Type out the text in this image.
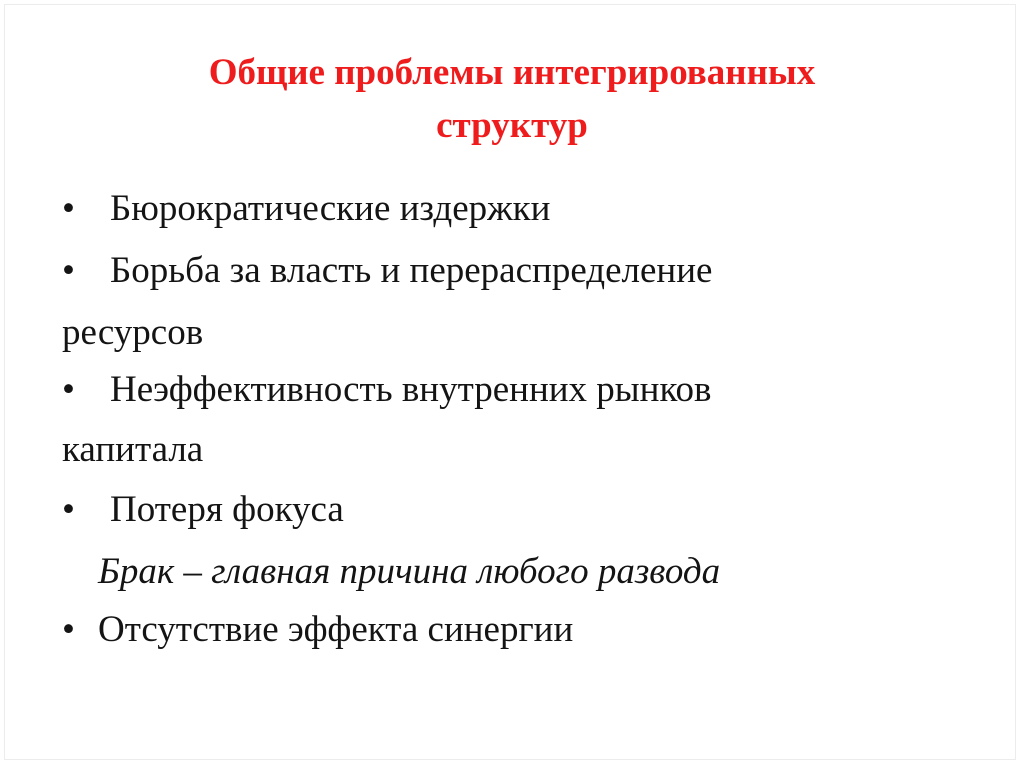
Общие проблемы интегрированных
структур
• Бюрократические издержки
• Борьба за власть и перераспределение
ресурсов
• Неэффективность внутренних рынков
капитала
• Потеря фокуса
Брак – главная причина любого развода
• Отсутствие эффекта синергии
